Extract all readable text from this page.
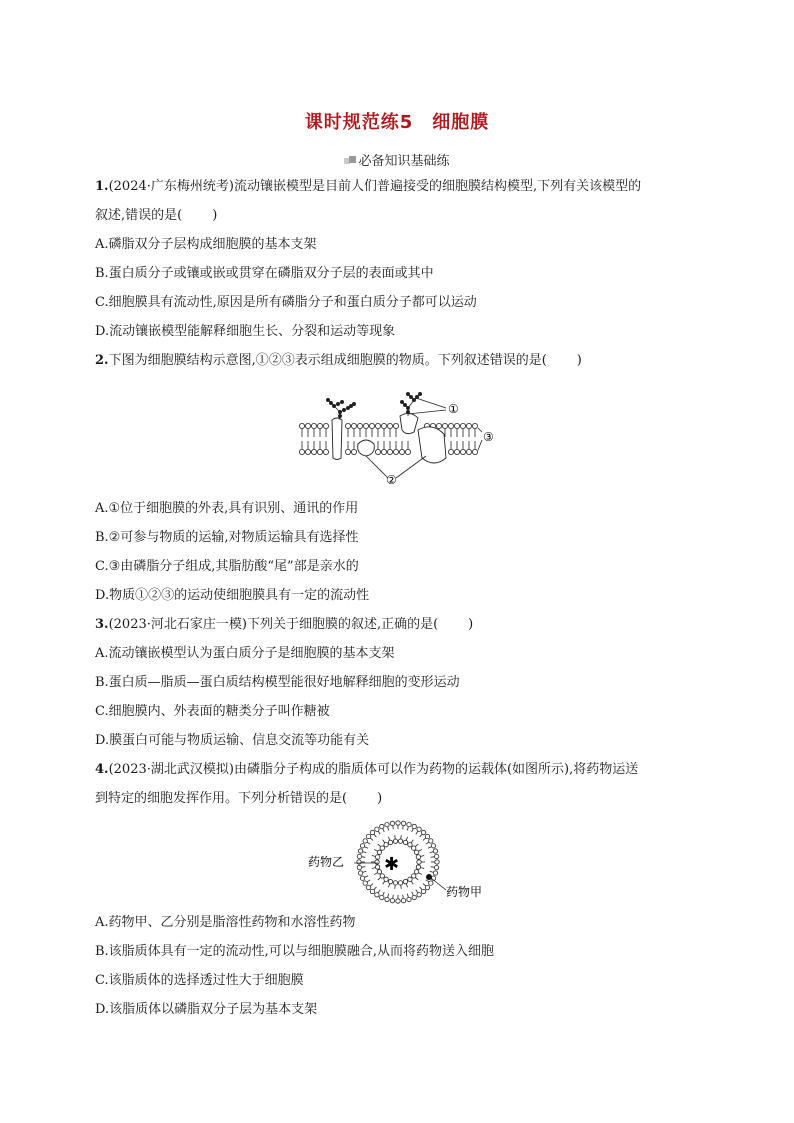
课时规范练5　细胞膜
必备知识基础练
1.(2024·广东梅州统考)流动镶嵌模型是目前人们普遍接受的细胞膜结构模型,下列有关该模型的
叙述,错误的是( )
A.磷脂双分子层构成细胞膜的基本支架
B.蛋白质分子或镶或嵌或贯穿在磷脂双分子层的表面或其中
C.细胞膜具有流动性,原因是所有磷脂分子和蛋白质分子都可以运动
D.流动镶嵌模型能解释细胞生长、分裂和运动等现象
2.下图为细胞膜结构示意图,①②③表示组成细胞膜的物质。下列叙述错误的是( )
①
③
②
A.①位于细胞膜的外表,具有识别、通讯的作用
B.②可参与物质的运输,对物质运输具有选择性
C.③由磷脂分子组成,其脂肪酸“尾”部是亲水的
D.物质①②③的运动使细胞膜具有一定的流动性
3.(2023·河北石家庄一模)下列关于细胞膜的叙述,正确的是( )
A.流动镶嵌模型认为蛋白质分子是细胞膜的基本支架
B.蛋白质—脂质—蛋白质结构模型能很好地解释细胞的变形运动
C.细胞膜内、外表面的糖类分子叫作糖被
D.膜蛋白可能与物质运输、信息交流等功能有关
4.(2023·湖北武汉模拟)由磷脂分子构成的脂质体可以作为药物的运载体(如图所示),将药物运送
到特定的细胞发挥作用。下列分析错误的是( )
药物乙
药物甲
✱
A.药物甲、乙分别是脂溶性药物和水溶性药物
B.该脂质体具有一定的流动性,可以与细胞膜融合,从而将药物送入细胞
C.该脂质体的选择透过性大于细胞膜
D.该脂质体以磷脂双分子层为基本支架
